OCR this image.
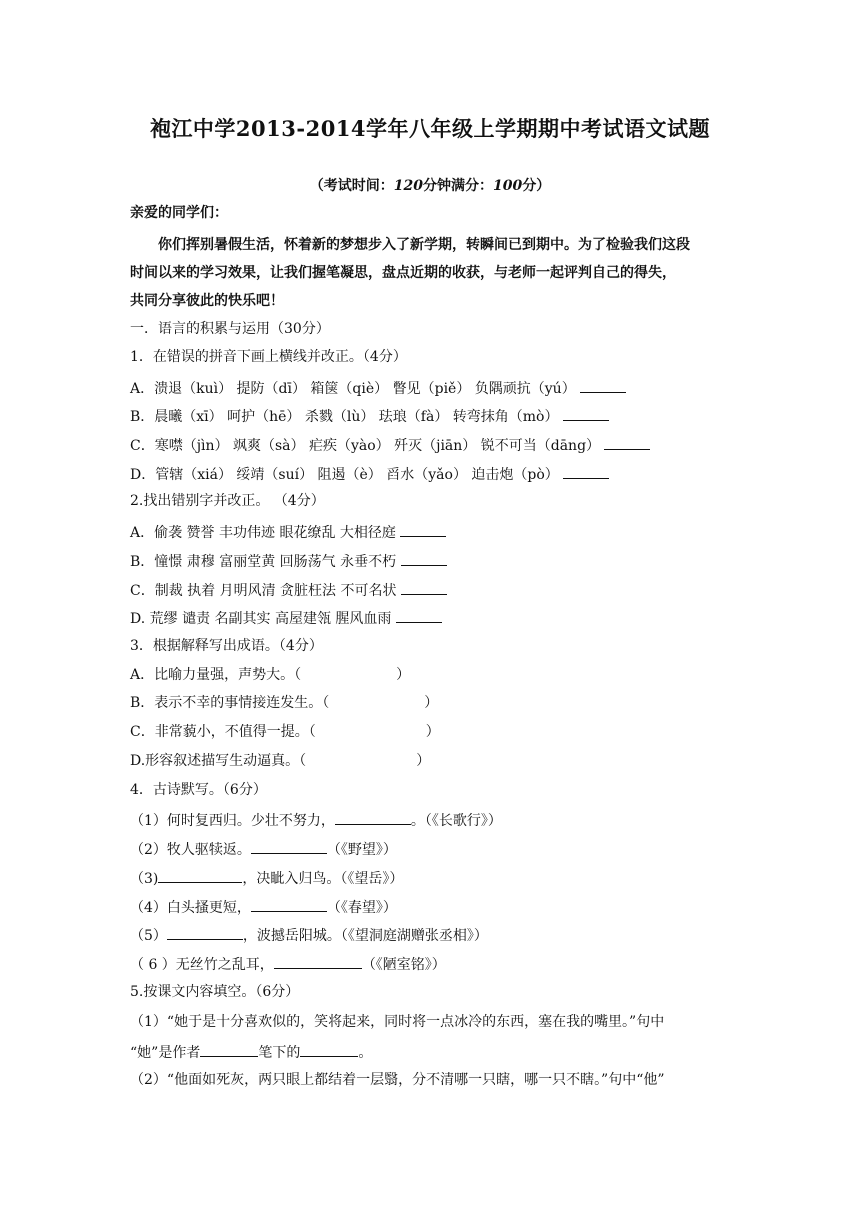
袍江中学2013-2014学年八年级上学期期中考试语文试题
（考试时间：120分钟满分：100分）
亲爱的同学们：
你们挥别暑假生活，怀着新的梦想步入了新学期，转瞬间已到期中。为了检验我们这段
时间以来的学习效果，让我们握笔凝思，盘点近期的收获，与老师一起评判自己的得失，
共同分享彼此的快乐吧！
一．语言的积累与运用（30分）
1．在错误的拼音下画上横线并改正。（4分）
A．溃退（kuì） 提防（dī） 箱箧（qiè） 瞥见（piě） 负隅顽抗（yú）
B．晨曦（xī） 呵护（hē） 杀戮（lù） 珐琅（fà） 转弯抹角（mò）
C．寒噤（jìn） 飒爽（sà） 疟疾（yào） 歼灭（jiān） 锐不可当（dāng）
D．管辖（xiá） 绥靖（suí） 阻遏（è） 舀水（yǎo） 迫击炮（pò）
2.找出错别字并改正。 （4分）
A．偷袭 赞誉 丰功伟迹 眼花缭乱 大相径庭
B．憧憬 肃穆 富丽堂黄 回肠荡气 永垂不朽
C．制裁 执着 月明风清 贪脏枉法 不可名状
D. 荒缪 谴责 名副其实 高屋建瓴 腥风血雨
3．根据解释写出成语。（4分）
A．比喻力量强，声势大。（	）
B．表示不幸的事情接连发生。（	）
C．非常藐小，不值得一提。（	）
D.形容叙述描写生动逼真。（	）
4．古诗默写。（6分）
（1）何时复西归。少壮不努力，	。（《长歌行》）
（2）牧人驱犊返。	（《野望》）
（3)	，决眦入归鸟。（《望岳》）
（4）白头搔更短，	（《春望》）
（5）	，波撼岳阳城。（《望洞庭湖赠张丞相》）
（ 6 ）无丝竹之乱耳，	（《陋室铭》）
5.按课文内容填空。（6分）
（1）“她于是十分喜欢似的，笑将起来，同时将一点冰冷的东西，塞在我的嘴里。”句中
“她”是作者	笔下的	。
（2）“他面如死灰，两只眼上都结着一层翳，分不清哪一只瞎，哪一只不瞎。”句中“他”
